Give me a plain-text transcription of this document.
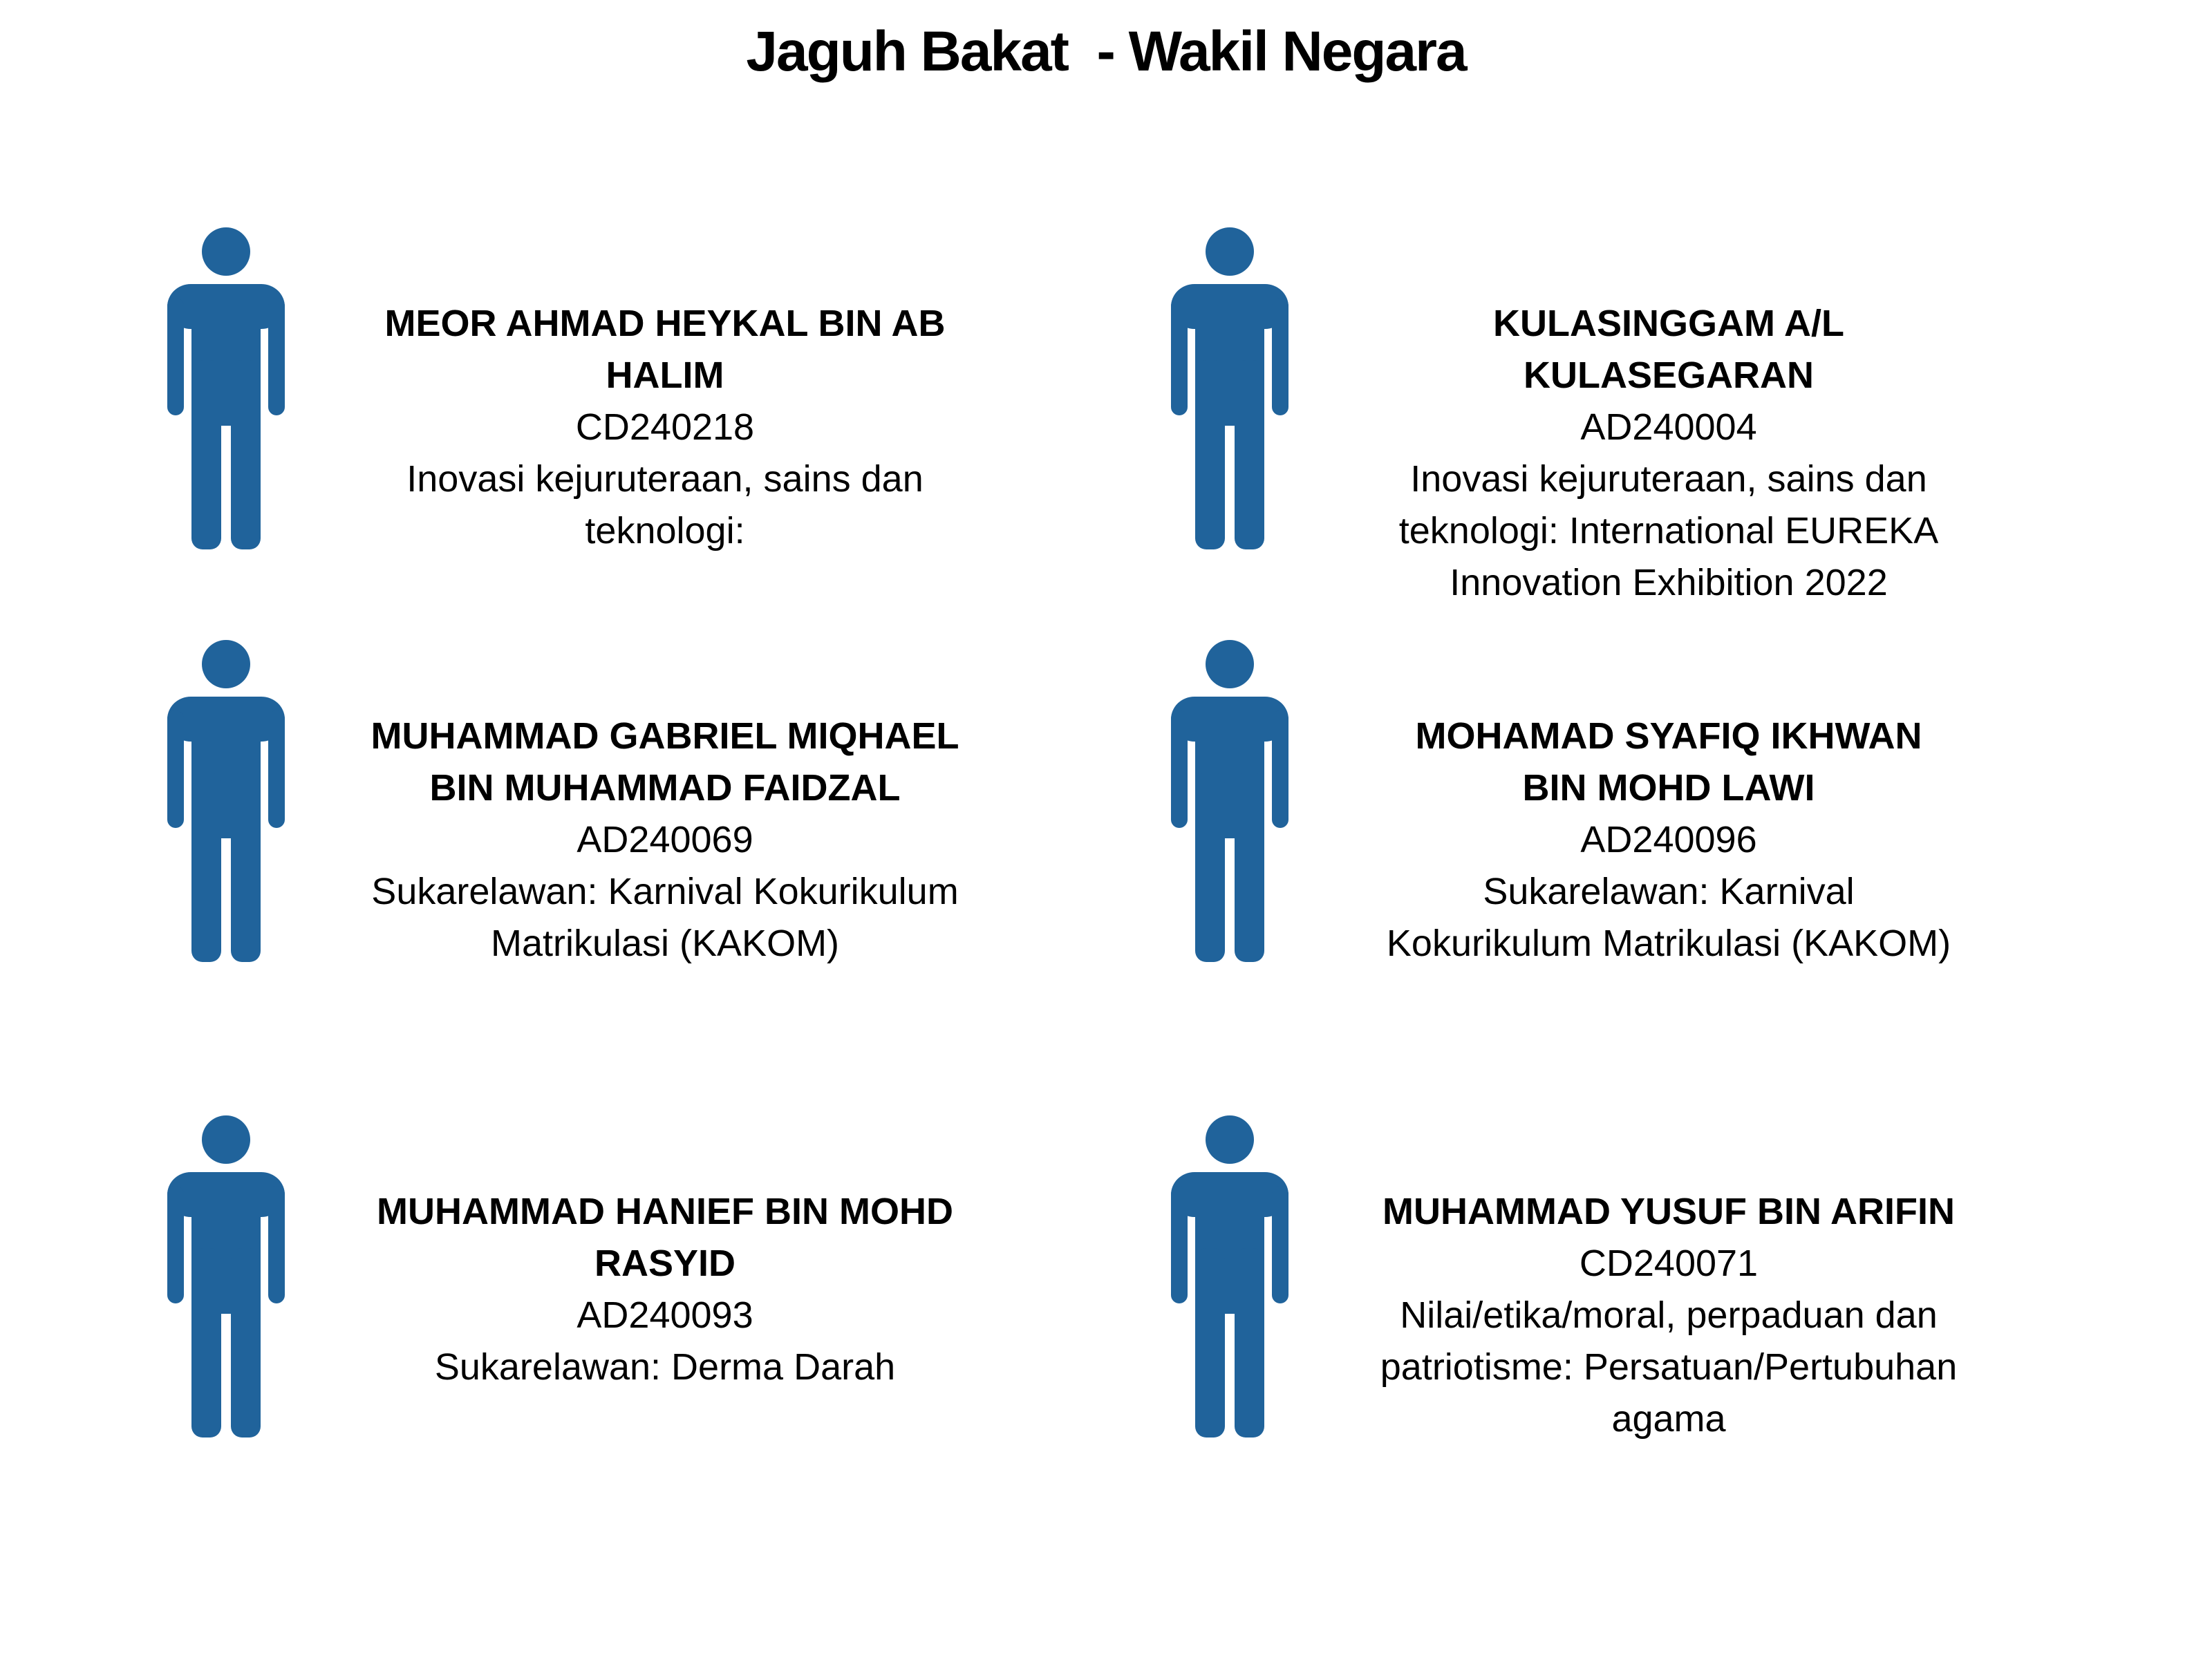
Jaguh Bakat  - Wakil Negara
MEOR AHMAD HEYKAL BIN AB
HALIM
CD240218
Inovasi kejuruteraan, sains dan
teknologi:
KULASINGGAM A/L
KULASEGARAN
AD240004
Inovasi kejuruteraan, sains dan
teknologi: International EUREKA
Innovation Exhibition 2022
MUHAMMAD GABRIEL MIQHAEL
BIN MUHAMMAD FAIDZAL
AD240069
Sukarelawan: Karnival Kokurikulum
Matrikulasi (KAKOM)
MOHAMAD SYAFIQ IKHWAN
BIN MOHD LAWI
AD240096
Sukarelawan: Karnival
Kokurikulum Matrikulasi (KAKOM)
MUHAMMAD HANIEF BIN MOHD
RASYID
AD240093
Sukarelawan: Derma Darah
MUHAMMAD YUSUF BIN ARIFIN
CD240071
Nilai/etika/moral, perpaduan dan
patriotisme: Persatuan/Pertubuhan
agama
